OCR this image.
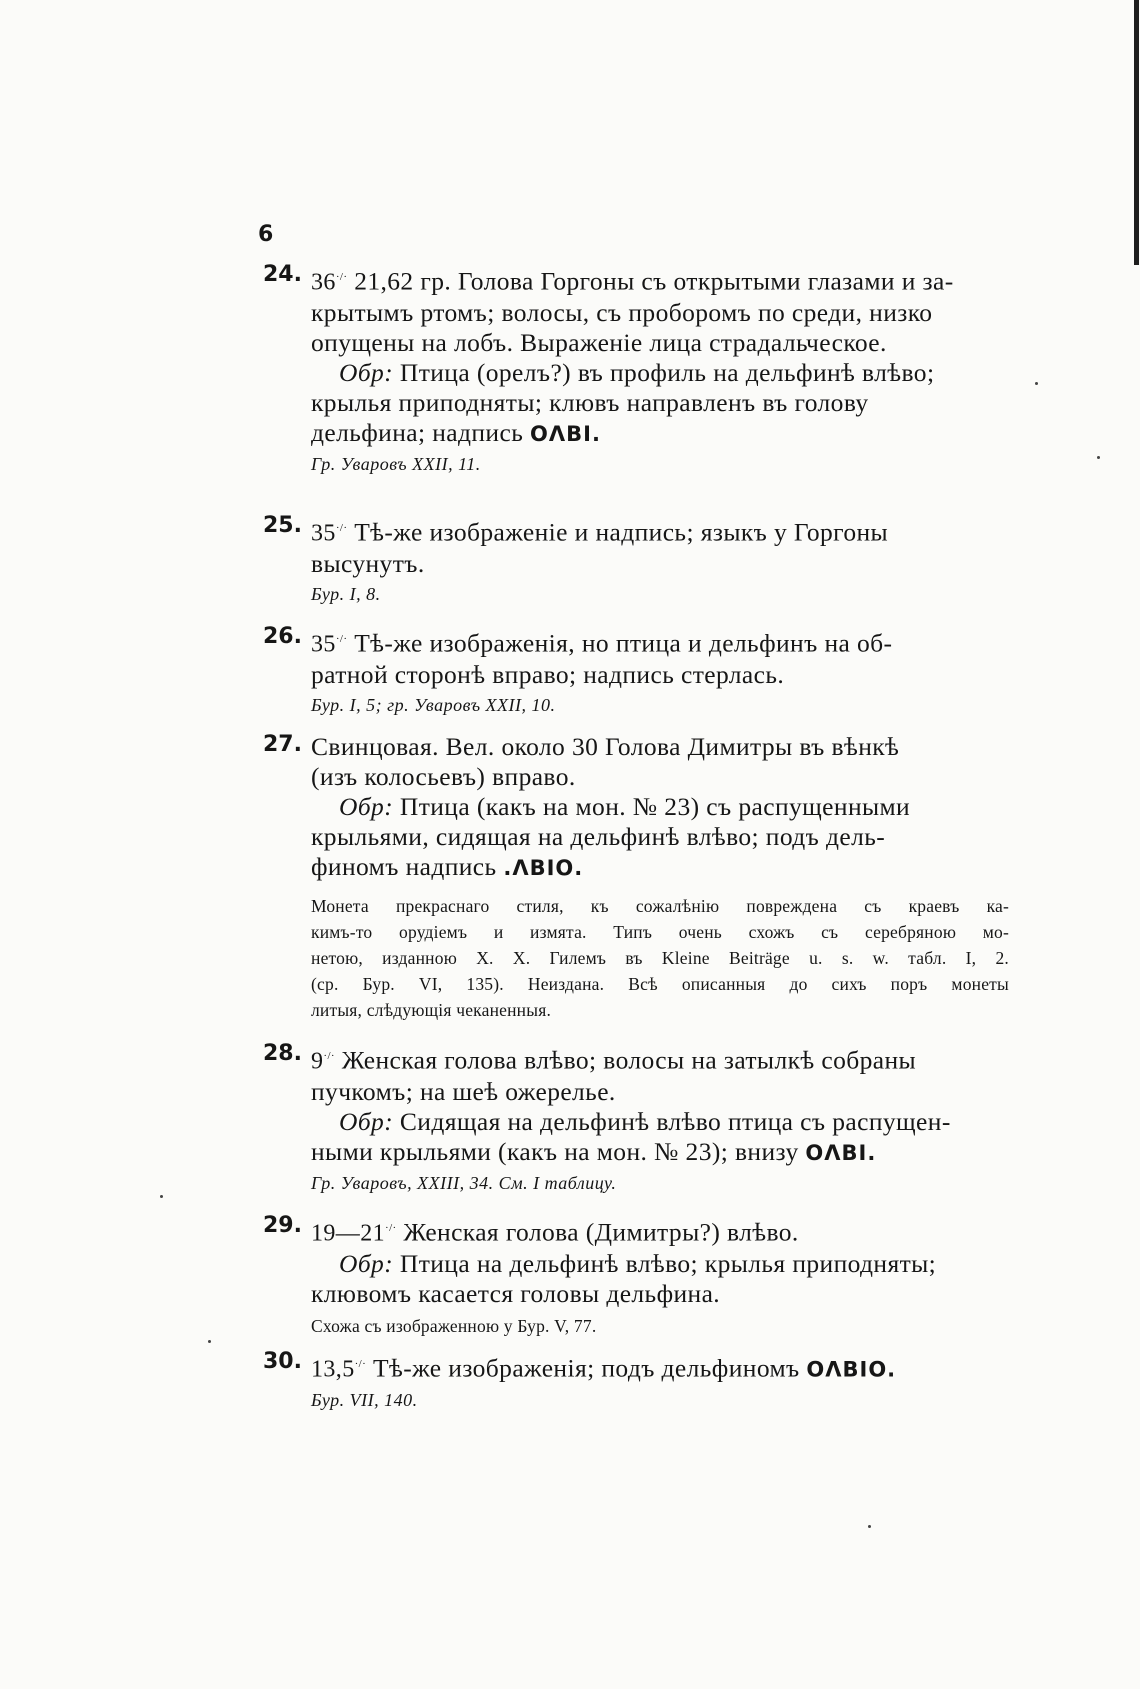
6
24. 36·/· 21,62 гр. Голова Горгоны съ открытыми глазами и за-
крытымъ ртомъ; волосы, съ проборомъ по среди, низко
опущены на лобъ. Выраженіе лица страдальческое.
Обр: Птица (орелъ?) въ профиль на дельфинѣ влѣво;
крылья приподняты; клювъ направленъ въ голову
дельфина; надпись ОΛВІ.
Гр. Уваровъ XXII, 11.
25. 35·/· Тѣ-же изображеніе и надпись; языкъ у Горгоны
высунутъ.
Бур. I, 8.
26. 35·/· Тѣ-же изображенія, но птица и дельфинъ на об-
ратной сторонѣ вправо; надпись стерлась.
Бур. I, 5; гр. Уваровъ XXII, 10.
27. Свинцовая. Вел. около 30 Голова Димитры въ вѣнкѣ
(изъ колосьевъ) вправо.
Обр: Птица (какъ на мон. № 23) съ распущенными
крыльями, сидящая на дельфинѣ влѣво; подъ дель-
финомъ надпись .ΛΒΙΟ.
Монета прекраснаго стиля, къ сожалѣнію повреждена съ краевъ ка-
кимъ-то орудіемъ и измята. Типъ очень схожъ съ серебряною мо-
нетою, изданною Х. Х. Гилемъ въ Kleine Beiträge u. s. w. табл. I, 2.
(ср. Бур. VI, 135). Неиздана. Всѣ описанныя до сихъ поръ монеты
литыя, слѣдующія чеканенныя.
28. 9·/· Женская голова влѣво; волосы на затылкѣ собраны
пучкомъ; на шеѣ ожерелье.
Обр: Сидящая на дельфинѣ влѣво птица съ распущен-
ными крыльями (какъ на мон. № 23); внизу ОΛВІ.
Гр. Уваровъ, XXIII, 34. См. I таблицу.
29. 19—21·/· Женская голова (Димитры?) влѣво.
Обр: Птица на дельфинѣ влѣво; крылья приподняты;
клювомъ касается головы дельфина.
Схожа съ изображенною у Бур. V, 77.
30. 13,5·/· Тѣ-же изображенія; подъ дельфиномъ ОΛВІО.
Бур. VII, 140.
